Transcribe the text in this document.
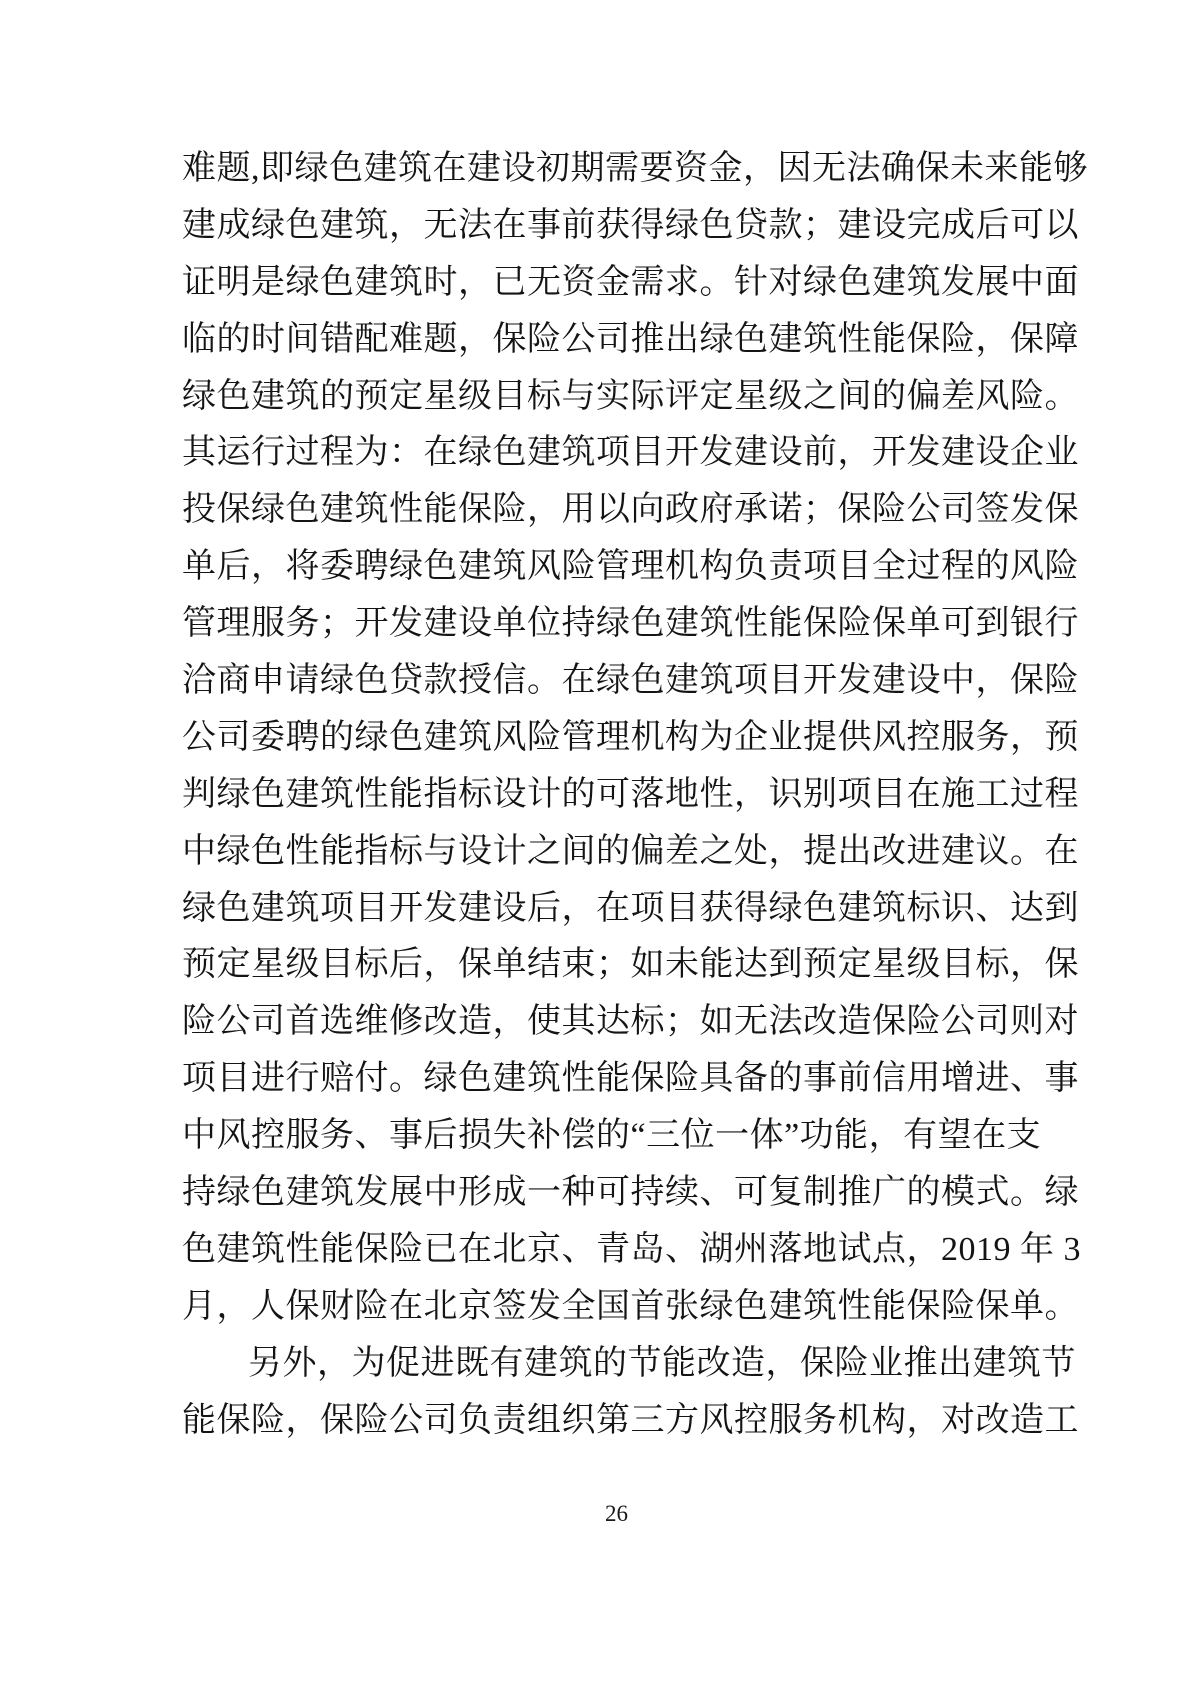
难题,即绿色建筑在建设初期需要资金，因无法确保未来能够
建成绿色建筑，无法在事前获得绿色贷款；建设完成后可以
证明是绿色建筑时，已无资金需求。针对绿色建筑发展中面
临的时间错配难题，保险公司推出绿色建筑性能保险，保障
绿色建筑的预定星级目标与实际评定星级之间的偏差风险。
其运行过程为：在绿色建筑项目开发建设前，开发建设企业
投保绿色建筑性能保险，用以向政府承诺；保险公司签发保
单后，将委聘绿色建筑风险管理机构负责项目全过程的风险
管理服务；开发建设单位持绿色建筑性能保险保单可到银行
洽商申请绿色贷款授信。在绿色建筑项目开发建设中，保险
公司委聘的绿色建筑风险管理机构为企业提供风控服务，预
判绿色建筑性能指标设计的可落地性，识别项目在施工过程
中绿色性能指标与设计之间的偏差之处，提出改进建议。在
绿色建筑项目开发建设后，在项目获得绿色建筑标识、达到
预定星级目标后，保单结束；如未能达到预定星级目标，保
险公司首选维修改造，使其达标；如无法改造保险公司则对
项目进行赔付。绿色建筑性能保险具备的事前信用增进、事
中风控服务、事后损失补偿的“三位一体”功能，有望在支
持绿色建筑发展中形成一种可持续、可复制推广的模式。绿
色建筑性能保险已在北京、青岛、湖州落地试点，2019 年 3
月，人保财险在北京签发全国首张绿色建筑性能保险保单。
另外，为促进既有建筑的节能改造，保险业推出建筑节
能保险，保险公司负责组织第三方风控服务机构，对改造工
26
